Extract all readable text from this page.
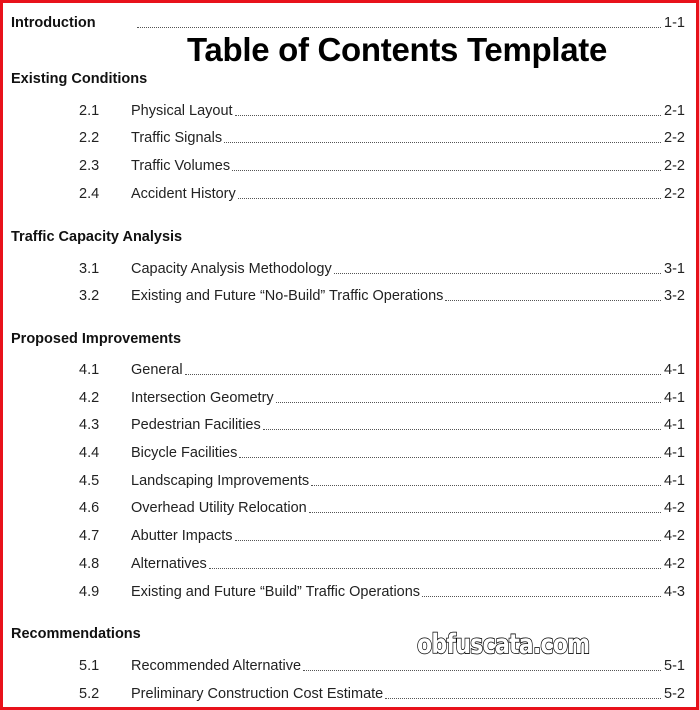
Introduction	1-1
Existing Conditions
2.1	Physical Layout	2-1
2.2	Traffic Signals	2-2
2.3	Traffic Volumes	2-2
2.4	Accident History	2-2
Traffic Capacity Analysis
3.1	Capacity Analysis Methodology	3-1
3.2	Existing and Future “No-Build” Traffic Operations	3-2
Proposed Improvements
4.1	General	4-1
4.2	Intersection Geometry	4-1
4.3	Pedestrian Facilities	4-1
4.4	Bicycle Facilities	4-1
4.5	Landscaping Improvements	4-1
4.6	Overhead Utility Relocation	4-2
4.7	Abutter Impacts	4-2
4.8	Alternatives	4-2
4.9	Existing and Future “Build” Traffic Operations	4-3
Recommendations
5.1	Recommended Alternative	5-1
5.2	Preliminary Construction Cost Estimate	5-2
Table of Contents Template
obfuscata.com
